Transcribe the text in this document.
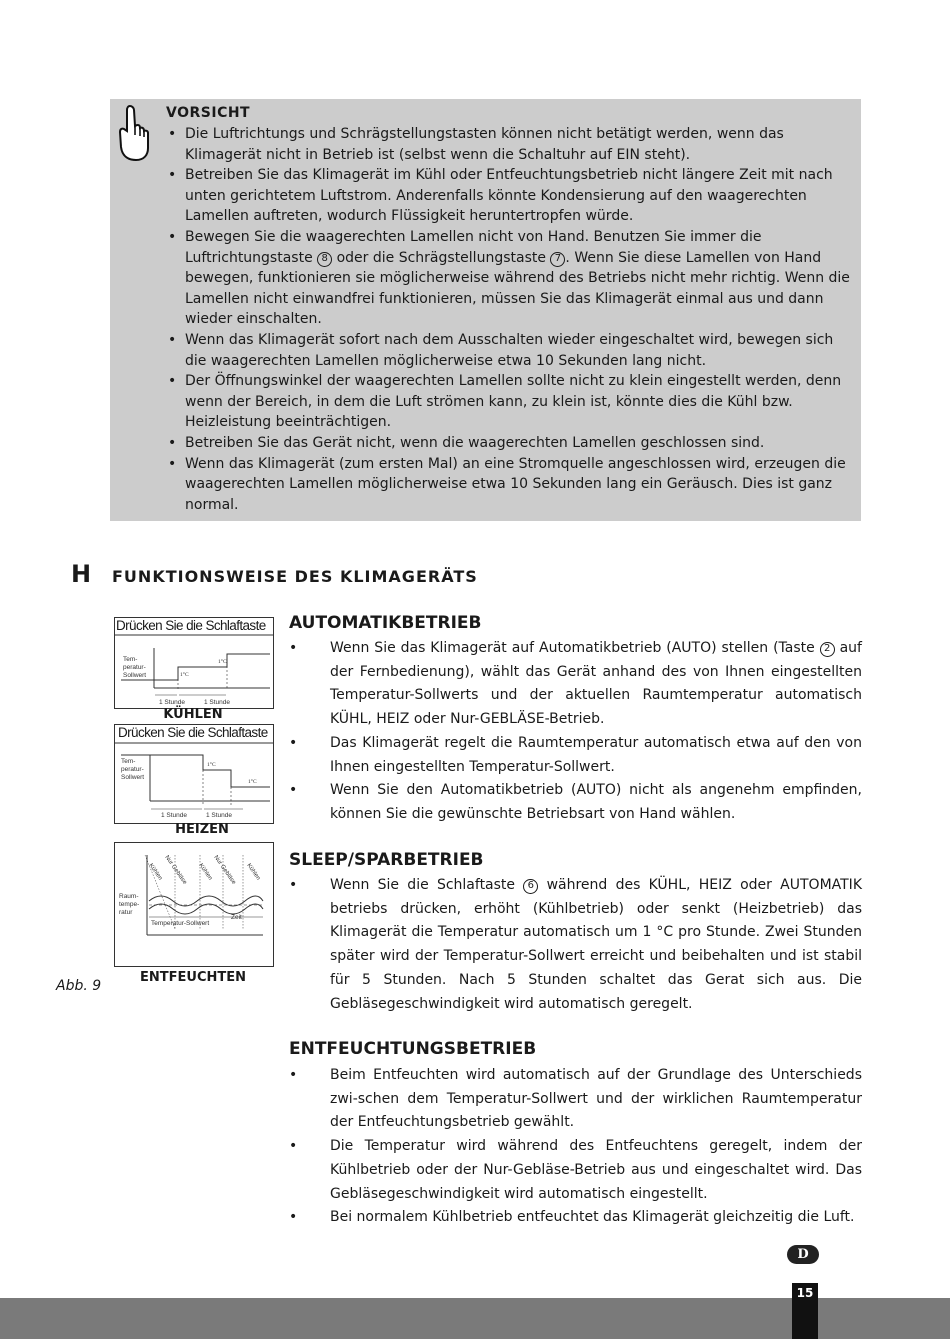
VORSICHT
• Die Luftrichtungs und Schrägstellungstasten können nicht betätigt werden, wenn das Klimagerät nicht in Betrieb ist (selbst wenn die Schaltuhr auf EIN steht).
• Betreiben Sie das Klimagerät im Kühl oder Entfeuchtungsbetrieb nicht längere Zeit mit nach unten gerichtetem Luftstrom. Anderenfalls könnte Kondensierung auf den waagerechten Lamellen auftreten, wodurch Flüssigkeit heruntertropfen würde.
• Bewegen Sie die waagerechten Lamellen nicht von Hand. Benutzen Sie immer die Luftrichtungstaste 8 oder die Schrägstellungstaste 7 . Wenn Sie diese Lamellen von Hand bewegen, funktionieren sie möglicherweise während des Betriebs nicht mehr richtig. Wenn die Lamellen nicht einwandfrei funktionieren, müssen Sie das Klimagerät einmal aus und dann wieder einschalten.
• Wenn das Klimagerät sofort nach dem Ausschalten wieder eingeschaltet wird, bewegen sich die waagerechten Lamellen möglicherweise etwa 10 Sekunden lang nicht.
• Der Öffnungswinkel der waagerechten Lamellen sollte nicht zu klein eingestellt werden, denn wenn der Bereich, in dem die Luft strömen kann, zu klein ist, könnte dies die Kühl bzw. Heizleistung beeinträchtigen.
• Betreiben Sie das Gerät nicht, wenn die waagerechten Lamellen geschlossen sind.
• Wenn das Klimagerät (zum ersten Mal) an eine Stromquelle angeschlossen wird, erzeugen die waagerechten Lamellen möglicherweise etwa 10 Sekunden lang ein Geräusch. Dies ist ganz normal.
H FUNKTIONSWEISE DES KLIMAGERÄTS
Drücken Sie die Schlaftaste
Tem-
peratur-
Sollwert	1°C
1°C
1 Stunde	1 Stunde
KÜHLEN
Drücken Sie die Schlaftaste
Tem-
peratur-
Sollwert
1°C
1°C
1 Stunde	1 Stunde
HEIZEN
Kühlen Nur Gebläse Kühlen Nur Gebläse Kühlen
Raum-
tempe-
ratur
Temperatur-Sollwert
Zeit
ENTFEUCHTEN
Abb. 9
AUTOMATIKBETRIEB
• Wenn Sie das Klimagerät auf Automatikbetrieb (AUTO) stellen (Taste 2 auf der Fernbedienung), wählt das Gerät anhand des von Ihnen eingestellten Temperatur-Sollwerts und der aktuellen Raumtemperatur automatisch KÜHL, HEIZ oder Nur-GEBLÄSE-Betrieb.
• Das Klimagerät regelt die Raumtemperatur automatisch etwa auf den von Ihnen eingestellten Temperatur-Sollwert.
• Wenn Sie den Automatikbetrieb (AUTO) nicht als angenehm empfinden, können Sie die gewünschte Betriebsart von Hand wählen.
SLEEP/SPARBETRIEB
• Wenn Sie die Schlaftaste 6 während des KÜHL, HEIZ oder AUTOMATIK betriebs drücken, erhöht (Kühlbetrieb) oder senkt (Heizbetrieb) das Klimagerät die Temperatur automatisch um 1 °C pro Stunde. Zwei Stunden später wird der Temperatur-Sollwert erreicht und beibehalten und ist stabil für 5 Stunden. Nach 5 Stunden schaltet das Gerat sich aus. Die Gebläsegeschwindigkeit wird automatisch geregelt.
ENTFEUCHTUNGSBETRIEB
• Beim Entfeuchten wird automatisch auf der Grundlage des Unterschieds zwi-schen dem Temperatur-Sollwert und der wirklichen Raumtemperatur der Entfeuchtungsbetrieb gewählt.
• Die Temperatur wird während des Entfeuchtens geregelt, indem der Kühlbetrieb oder der Nur-Gebläse-Betrieb aus und eingeschaltet wird. Das Gebläsegeschwindigkeit wird automatisch eingestellt.
• Bei normalem Kühlbetrieb entfeuchtet das Klimagerät gleichzeitig die Luft.
D
15
